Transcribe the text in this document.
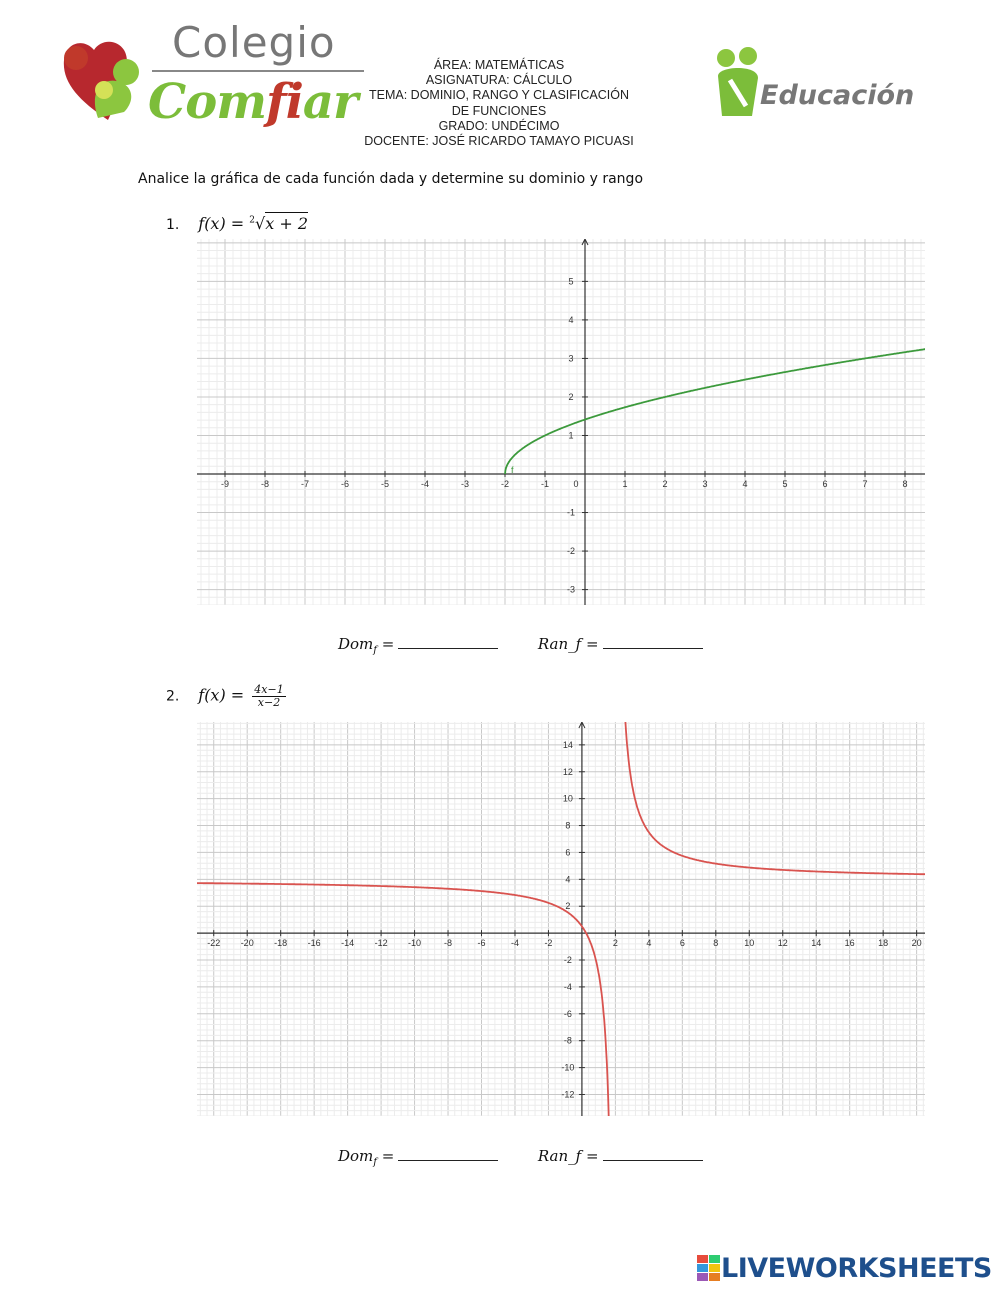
Colegio
Comfiar
ÁREA: MATEMÁTICAS
ASIGNATURA: CÁLCULO
TEMA: DOMINIO, RANGO Y CLASIFICACIÓN
DE FUNCIONES
GRADO: UNDÉCIMO
DOCENTE: JOSÉ RICARDO TAMAYO PICUASI
Educación
Analice la gráfica de cada función dada y determine su dominio y rango
1. f(x) = $^2$√x + 2
-9	-8	-7	-6	-5	-4	-3	-2	-1	1	2	3	4	5	6	7	8
-3
-2
-1
1
2
3
4
5
0
f
Dom$_f$ =	Ran_f =
2. $f(x) = \frac{4x-1}{x-2}$
-22 -20 -18 -16 -14 -12 -10	-8	-6	-4	-2	2	4	6	8	10	12	14	16	18	20
-12
-10
-8
-6
-4
-2
2
4
6
8
10
12
14
Dom$_f$ =	Ran_f =
LIVEWORKSHEETS
